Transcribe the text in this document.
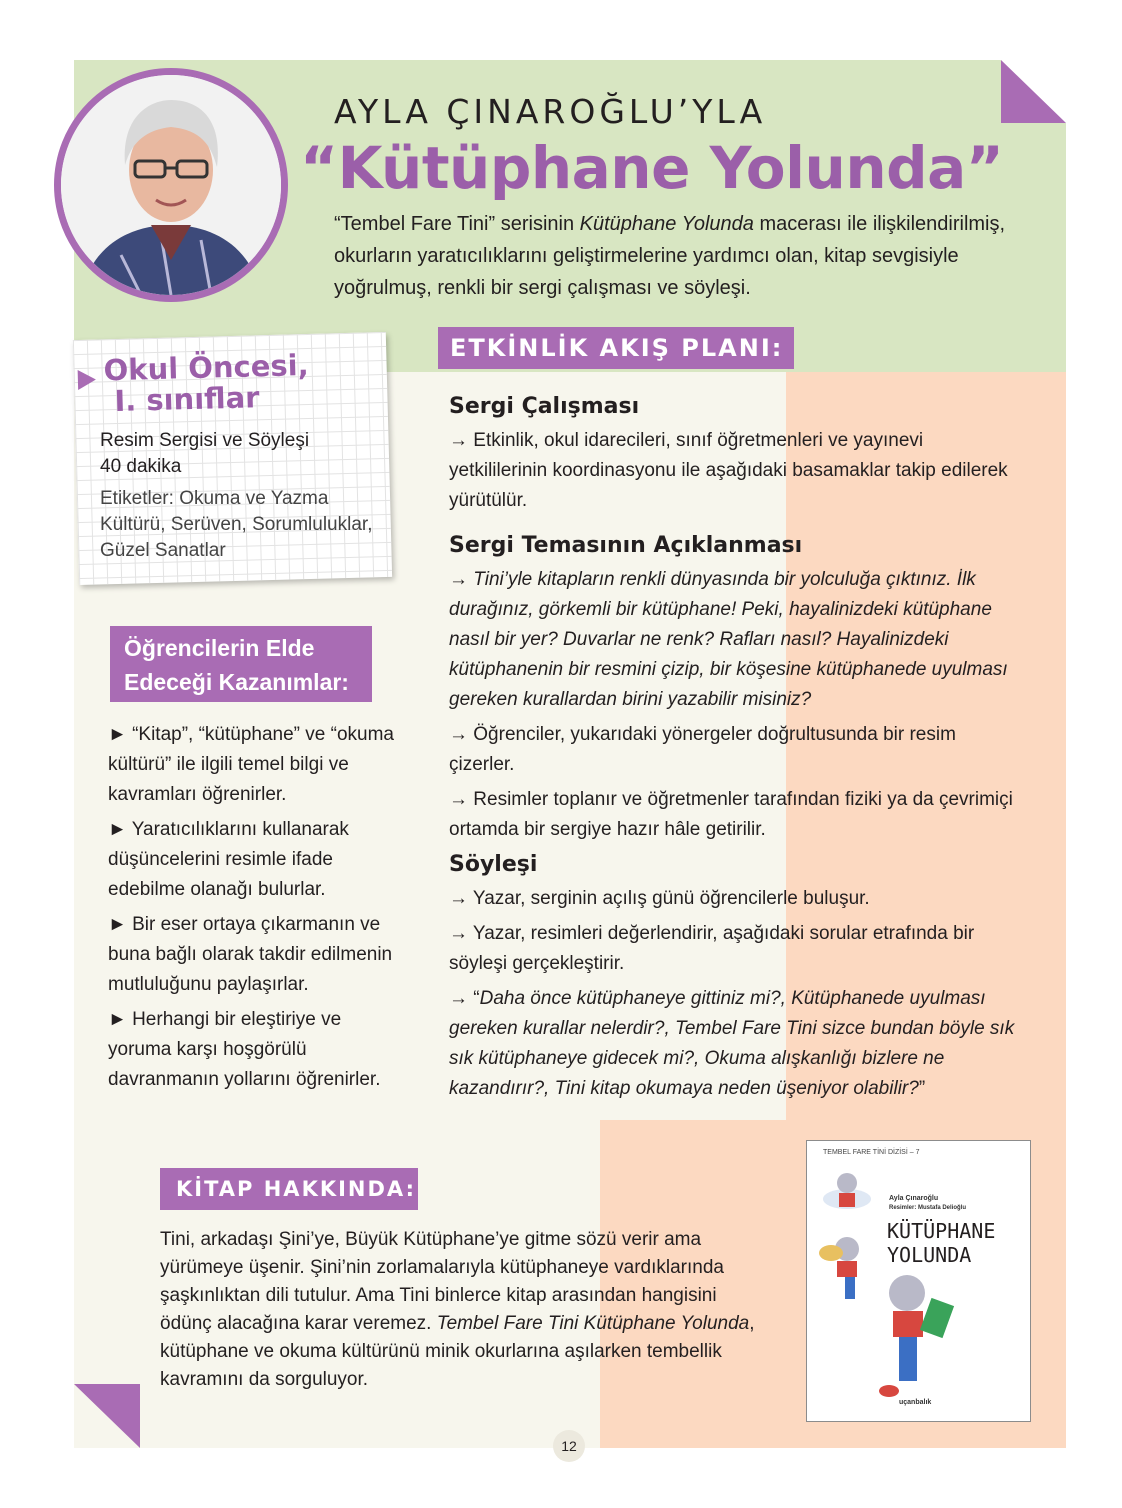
AYLA ÇINAROĞLU’YLA
“Kütüphane Yolunda”
“Tembel Fare Tini” serisinin Kütüphane Yolunda macerası ile ilişkilendirilmiş, okurların yaratıcılıklarını geliştirmelerine yardımcı olan, kitap sevgisiyle yoğrulmuş, renkli bir sergi çalışması ve söyleşi.
Okul Öncesi,
I. sınıflar
Resim Sergisi ve Söyleşi
40 dakika
Etiketler: Okuma ve Yazma Kültürü, Serüven, Sorumluluklar, Güzel Sanatlar
Öğrencilerin Elde Edeceği Kazanımlar:

► “Kitap”, “kütüphane” ve “okuma kültürü” ile ilgili temel bilgi ve kavramları öğrenirler.

► Yaratıcılıklarını kullanarak düşüncelerini resimle ifade edebilme olanağı bulurlar.

► Bir eser ortaya çıkarmanın ve buna bağlı olarak takdir edilmenin mutluluğunu paylaşırlar.

► Herhangi bir eleştiriye ve yoruma karşı hoşgörülü davranmanın yollarını öğrenirler.

ETKİNLİK AKIŞ PLANI:
Sergi Çalışması

→ Etkinlik, okul idarecileri, sınıf öğretmenleri ve yayınevi yetkililerinin koordinasyonu ile aşağıdaki basamaklar takip edilerek yürütülür.

Sergi Temasının Açıklanması

→ Tini’yle kitapların renkli dünyasında bir yolculuğa çıktınız. İlk durağınız, görkemli bir kütüphane! Peki, hayalinizdeki kütüphane nasıl bir yer? Duvarlar ne renk? Rafları nasıl? Hayalinizdeki kütüphanenin bir resmini çizip, bir köşesine kütüphanede uyulması gereken kurallardan birini yazabilir misiniz?

→ Öğrenciler, yukarıdaki yönergeler doğrultusunda bir resim çizerler.

→ Resimler toplanır ve öğretmenler tarafından fiziki ya da çevrimiçi ortamda bir sergiye hazır hâle getirilir.

Söyleşi

→ Yazar, serginin açılış günü öğrencilerle buluşur.

→ Yazar, resimleri değerlendirir, aşağıdaki sorular etrafında bir söyleşi gerçekleştirir.

→ “Daha önce kütüphaneye gittiniz mi?, Kütüphanede uyulması gereken kurallar nelerdir?, Tembel Fare Tini sizce bundan böyle sık sık kütüphaneye gidecek mi?, Okuma alışkanlığı bizlere ne kazandırır?, Tini kitap okumaya neden üşeniyor olabilir?”

KİTAP HAKKINDA:
Tini, arkadaşı Şini’ye, Büyük Kütüphane’ye gitme sözü verir ama yürümeye üşenir. Şini’nin zorlamalarıyla kütüphaneye vardıklarında şaşkınlıktan dili tutulur. Ama Tini binlerce kitap arasından hangisini ödünç alacağına karar veremez. Tembel Fare Tini Kütüphane Yolunda, kütüphane ve okuma kültürünü minik okurlarına aşılarken tembellik kavramını da sorguluyor.
TEMBEL FARE TİNİ DİZİSİ – 7
Ayla Çınaroğlu
Resimler: Mustafa Delioğlu
KÜTÜPHANE
YOLUNDA
uçanbalık
12
